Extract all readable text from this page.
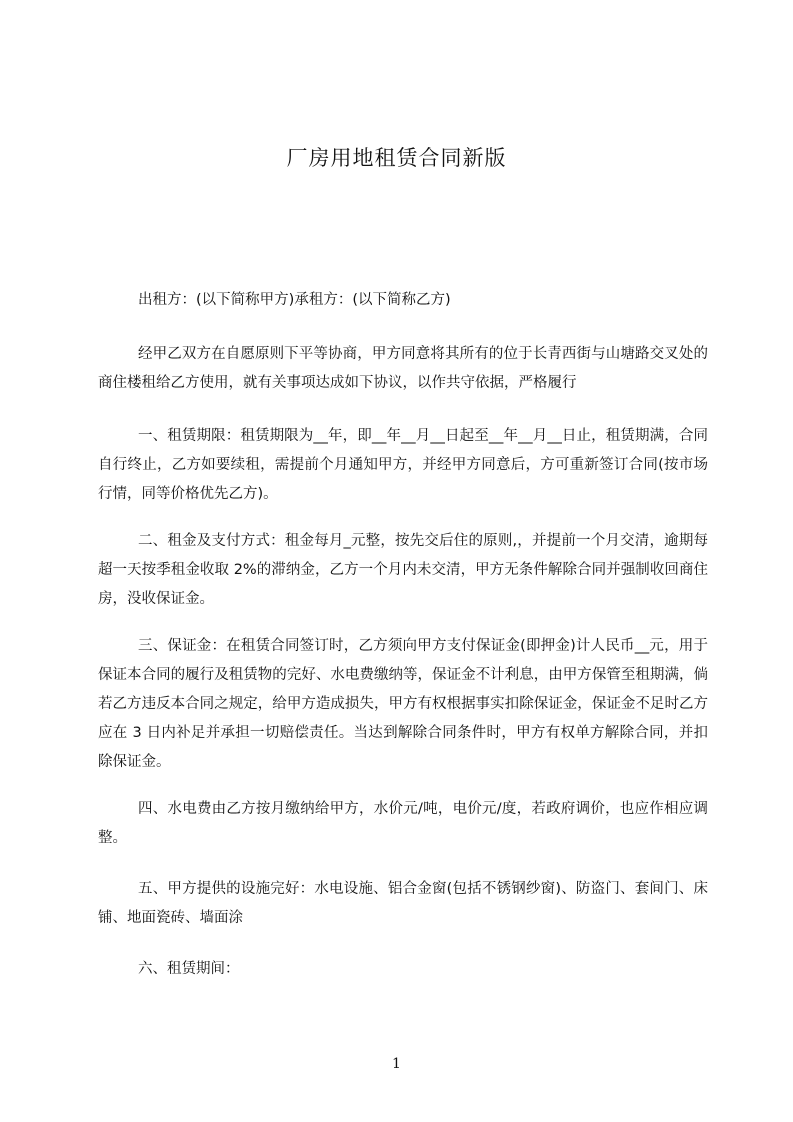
厂房用地租赁合同新版

出租方：(以下简称甲方)承租方：(以下简称乙方)

经甲乙双方在自愿原则下平等协商，甲方同意将其所有的位于长青西街与山塘路交叉处的商住楼租给乙方使用，就有关事项达成如下协议，以作共守依据，严格履行

一、租赁期限：租赁期限为__年，即__年__月__日起至__年__月__日止，租赁期满，合同自行终止，乙方如要续租，需提前个月通知甲方，并经甲方同意后，方可重新签订合同(按市场行情，同等价格优先乙方)。

二、租金及支付方式：租金每月_元整，按先交后住的原则,，并提前一个月交清，逾期每超一天按季租金收取 2%的滞纳金，乙方一个月内未交清，甲方无条件解除合同并强制收回商住房，没收保证金。

三、保证金：在租赁合同签订时，乙方须向甲方支付保证金(即押金)计人民币__元，用于保证本合同的履行及租赁物的完好、水电费缴纳等，保证金不计利息，由甲方保管至租期满，倘若乙方违反本合同之规定，给甲方造成损失，甲方有权根据事实扣除保证金，保证金不足时乙方应在 3 日内补足并承担一切赔偿责任。当达到解除合同条件时，甲方有权单方解除合同，并扣除保证金。

四、水电费由乙方按月缴纳给甲方，水价元/吨，电价元/度，若政府调价，也应作相应调整。

五、甲方提供的设施完好：水电设施、铝合金窗(包括不锈钢纱窗)、防盗门、套间门、床铺、地面瓷砖、墙面涂

六、租赁期间：

1
